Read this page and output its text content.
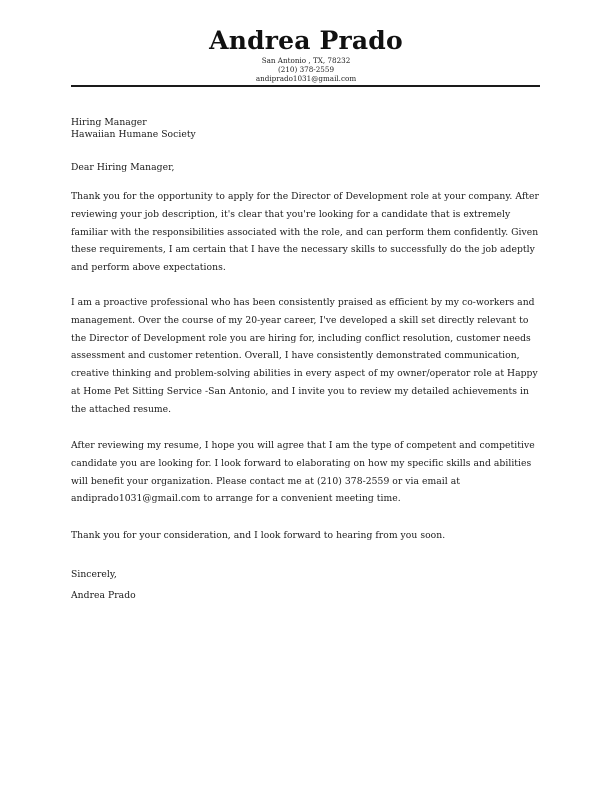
Andrea Prado

San Antonio , TX, 78232

(210) 378-2559

andiprado1031@gmail.com

Hiring Manager

Hawaiian Humane Society

Dear Hiring Manager,

Thank you for the opportunity to apply for the Director of Development role at your company. After reviewing your job description, it's clear that you're looking for a candidate that is extremely familiar with the responsibilities associated with the role, and can perform them confidently. Given these requirements, I am certain that I have the necessary skills to successfully do the job adeptly and perform above expectations.

I am a proactive professional who has been consistently praised as efficient by my co-workers and management. Over the course of my 20-year career, I've developed a skill set directly relevant to the Director of Development role you are hiring for, including conflict resolution, customer needs assessment and customer retention. Overall, I have consistently demonstrated communication, creative thinking and problem-solving abilities in every aspect of my owner/operator role at Happy at Home Pet Sitting Service -San Antonio, and I invite you to review my detailed achievements in the attached resume.

After reviewing my resume, I hope you will agree that I am the type of competent and competitive candidate you are looking for. I look forward to elaborating on how my specific skills and abilities will benefit your organization. Please contact me at (210) 378-2559 or via email at andiprado1031@gmail.com to arrange for a convenient meeting time.

Thank you for your consideration, and I look forward to hearing from you soon.

Sincerely,

Andrea Prado
